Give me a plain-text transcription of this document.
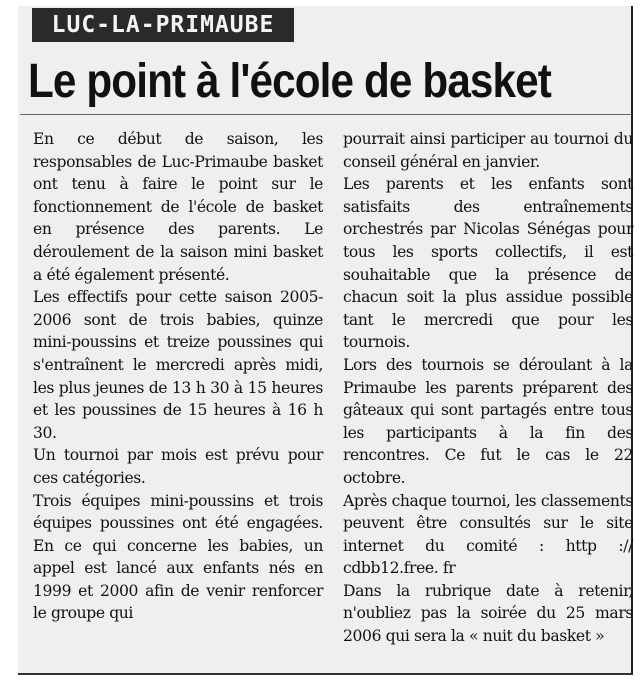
LUC-LA-PRIMAUBE
Le point à l'école de basket

En ce début de saison, les responsables de Luc-Primaube basket ont tenu à faire le point sur le fonctionnement de l'école de basket en présence des parents. Le déroulement de la saison mini basket a été également présenté.

Les effectifs pour cette saison 2005-2006 sont de trois babies, quinze mini-poussins et treize poussines qui s'entraînent le mercredi après midi, les plus jeunes de 13 h 30 à 15 heures et les poussines de 15 heures à 16 h 30.

Un tournoi par mois est prévu pour ces catégories.

Trois équipes mini-poussins et trois équipes poussines ont été engagées. En ce qui concerne les babies, un appel est lancé aux enfants nés en 1999 et 2000 afin de venir renforcer le groupe qui

pourrait ainsi participer au tournoi du conseil général en janvier.

Les parents et les enfants sont satisfaits des entraînements orchestrés par Nicolas Sénégas pour tous les sports collectifs, il est souhaitable que la présence de chacun soit la plus assidue possible tant le mercredi que pour les tournois.

Lors des tournois se déroulant à la Primaube les parents préparent des gâteaux qui sont partagés entre tous les participants à la fin des rencontres. Ce fut le cas le 22 octobre.

Après chaque tournoi, les classements peuvent être consultés sur le site internet du comité : http :// cdbb12.free. fr

Dans la rubrique date à retenir, n'oubliez pas la soirée du 25 mars 2006 qui sera la « nuit du basket »
